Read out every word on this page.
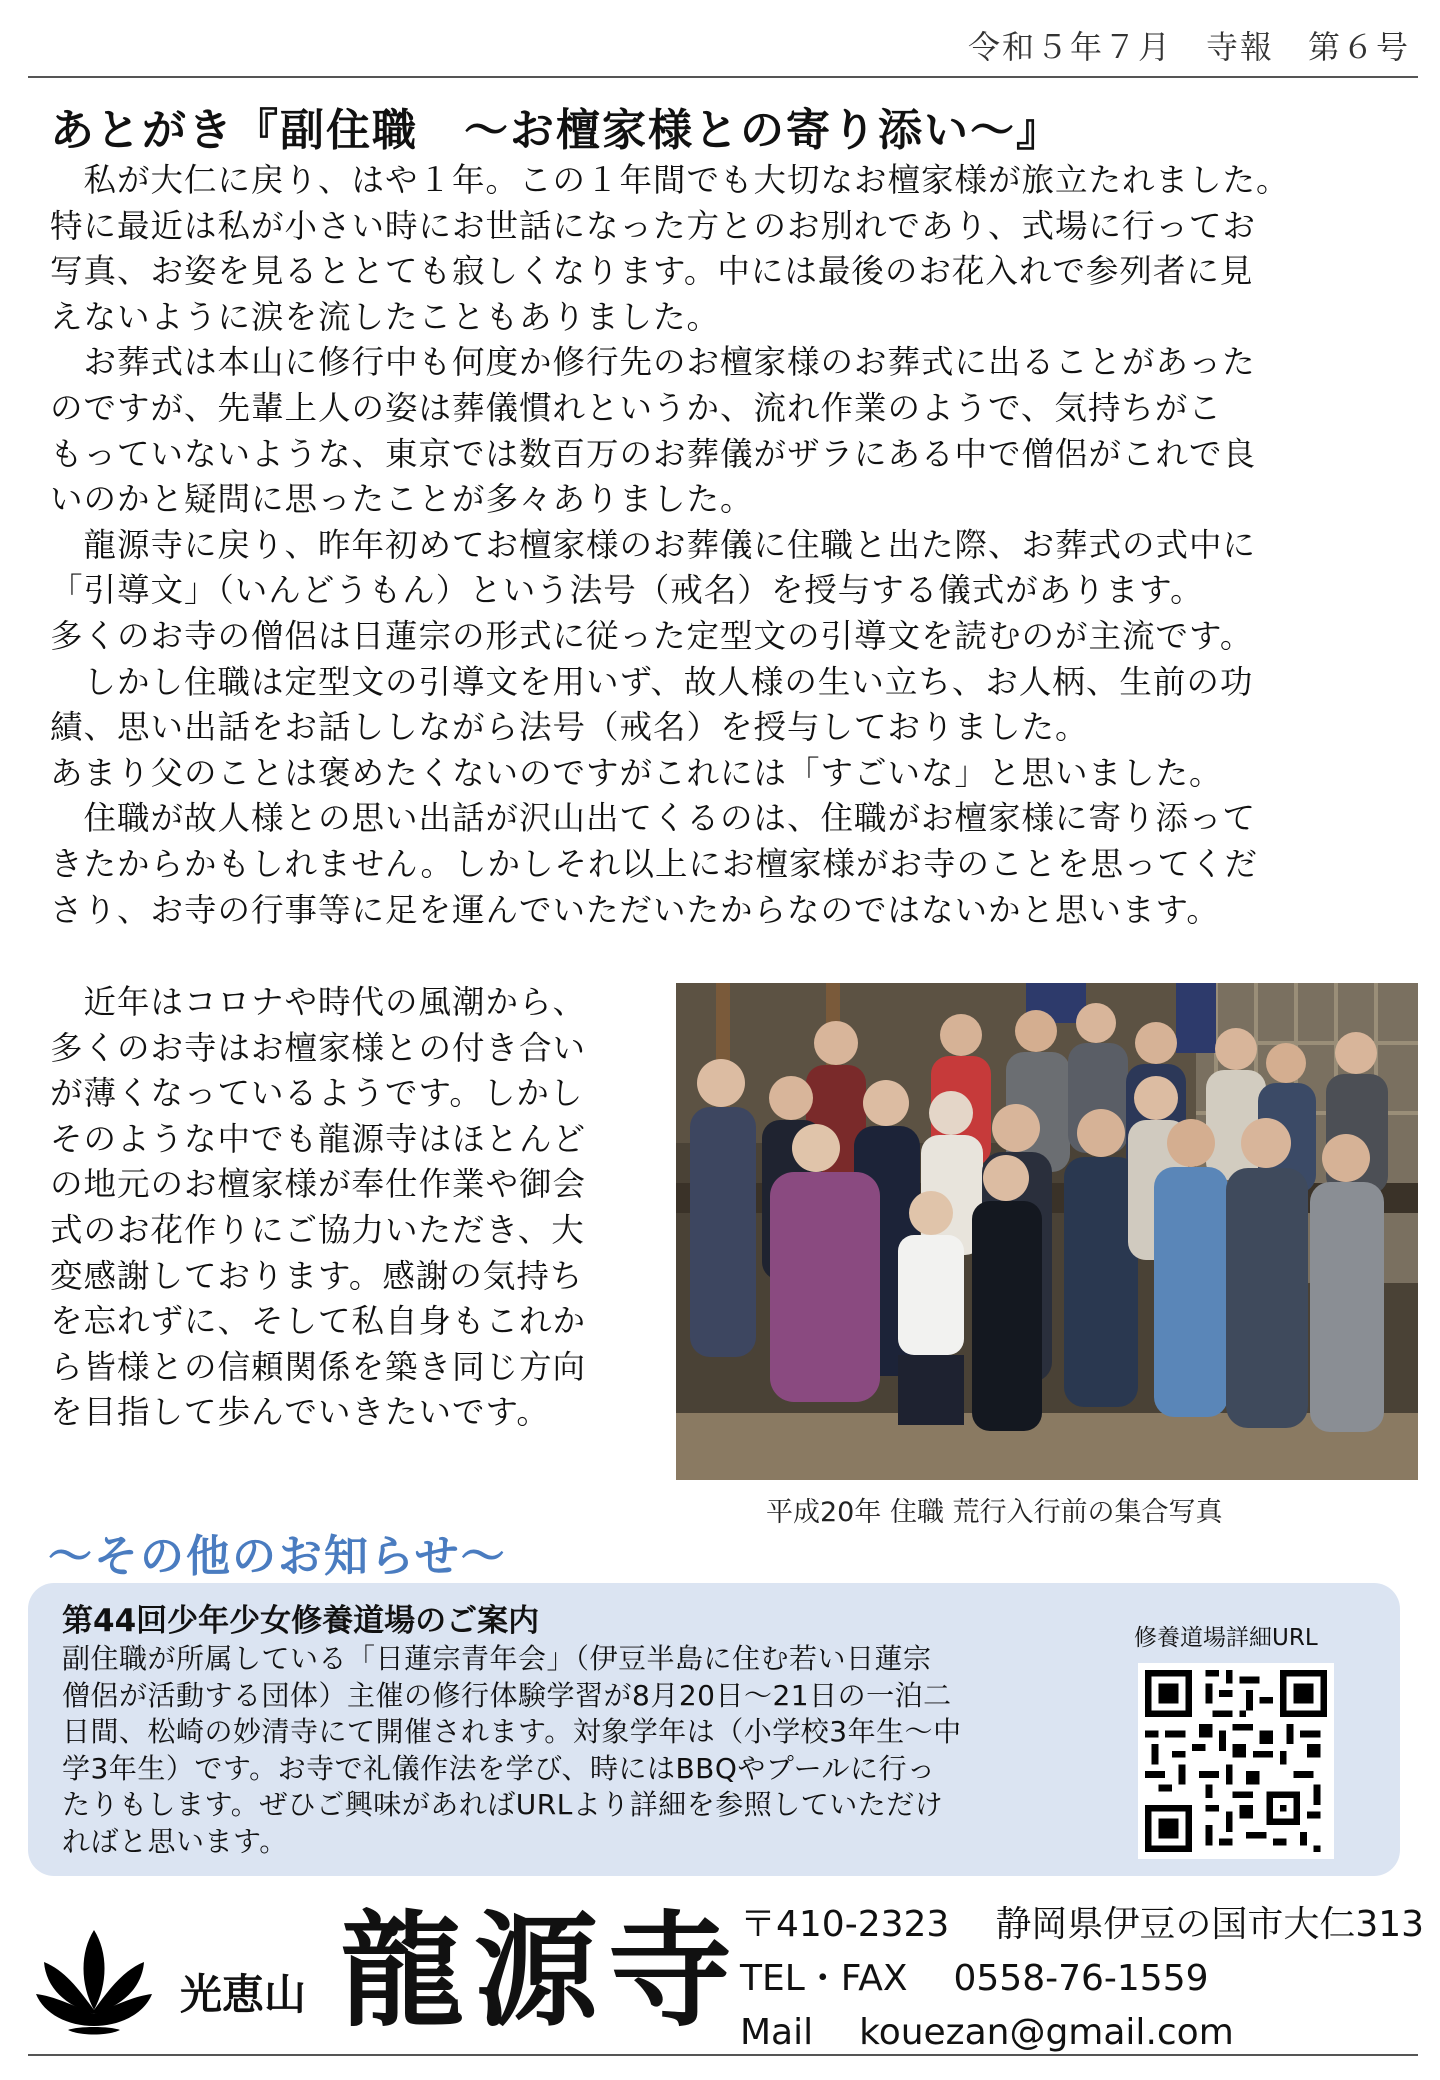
令和５年７月　寺報　第６号
あとがき『副住職　～お檀家様との寄り添い～』

　私が大仁に戻り、はや１年。この１年間でも大切なお檀家様が旅立たれました。

特に最近は私が小さい時にお世話になった方とのお別れであり、式場に行ってお

写真、お姿を見るととても寂しくなります。中には最後のお花入れで参列者に見

えないように涙を流したこともありました。

　お葬式は本山に修行中も何度か修行先のお檀家様のお葬式に出ることがあった

のですが、先輩上人の姿は葬儀慣れというか、流れ作業のようで、気持ちがこ

もっていないような、東京では数百万のお葬儀がザラにある中で僧侶がこれで良

いのかと疑問に思ったことが多々ありました。

　龍源寺に戻り、昨年初めてお檀家様のお葬儀に住職と出た際、お葬式の式中に

「引導文」（いんどうもん）という法号（戒名）を授与する儀式があります。

多くのお寺の僧侶は日蓮宗の形式に従った定型文の引導文を読むのが主流です。

　しかし住職は定型文の引導文を用いず、故人様の生い立ち、お人柄、生前の功

績、思い出話をお話ししながら法号（戒名）を授与しておりました。

あまり父のことは褒めたくないのですがこれには「すごいな」と思いました。

　住職が故人様との思い出話が沢山出てくるのは、住職がお檀家様に寄り添って

きたからかもしれません。しかしそれ以上にお檀家様がお寺のことを思ってくだ

さり、お寺の行事等に足を運んでいただいたからなのではないかと思います。

　近年はコロナや時代の風潮から、

多くのお寺はお檀家様との付き合い

が薄くなっているようです。しかし

そのような中でも龍源寺はほとんど

の地元のお檀家様が奉仕作業や御会

式のお花作りにご協力いただき、大

変感謝しております。感謝の気持ち

を忘れずに、そして私自身もこれか

ら皆様との信頼関係を築き同じ方向

を目指して歩んでいきたいです。

平成20年 住職 荒行入行前の集合写真
～その他のお知らせ～
第44回少年少女修養道場のご案内
副住職が所属している「日蓮宗青年会」（伊豆半島に住む若い日蓮宗
僧侶が活動する団体）主催の修行体験学習が8月20日～21日の一泊二
日間、松崎の妙清寺にて開催されます。対象学年は（小学校3年生～中
学3年生）です。お寺で礼儀作法を学び、時にはBBQやプールに行っ
たりもします。ぜひご興味があればURLより詳細を参照していただけ
ればと思います。
修養道場詳細URL
光恵山 龍源寺
〒410-2323 静岡県伊豆の国市大仁313
TEL・FAX 0558-76-1559
Mail kouezan@gmail.com
